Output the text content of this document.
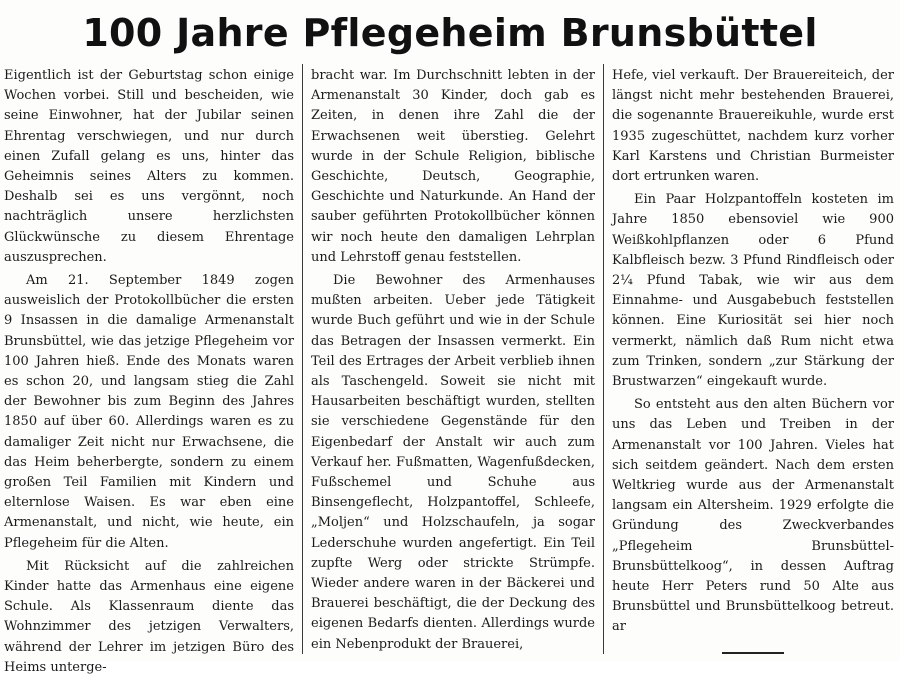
100 Jahre Pflegeheim Brunsbüttel

Eigentlich ist der Geburtstag schon einige Wochen vorbei. Still und bescheiden, wie seine Einwohner, hat der Jubilar seinen Ehrentag verschwiegen, und nur durch einen Zufall gelang es uns, hinter das Geheimnis seines Alters zu kommen. Deshalb sei es uns vergönnt, noch nachträglich unsere herzlichsten Glückwünsche zu diesem Ehrentage auszusprechen.

Am 21. September 1849 zogen ausweislich der Protokollbücher die ersten 9 Insassen in die damalige Armenanstalt Brunsbüttel, wie das jetzige Pflegeheim vor 100 Jahren hieß. Ende des Monats waren es schon 20, und langsam stieg die Zahl der Bewohner bis zum Beginn des Jahres 1850 auf über 60. Allerdings waren es zu damaliger Zeit nicht nur Erwachsene, die das Heim beherbergte, sondern zu einem großen Teil Familien mit Kindern und elternlose Waisen. Es war eben eine Armenanstalt, und nicht, wie heute, ein Pflegeheim für die Alten.

Mit Rücksicht auf die zahlreichen Kinder hatte das Armenhaus eine eigene Schule. Als Klassenraum diente das Wohnzimmer des jetzigen Verwalters, während der Lehrer im jetzigen Büro des Heims unterge-

bracht war. Im Durchschnitt lebten in der Armenanstalt 30 Kinder, doch gab es Zeiten, in denen ihre Zahl die der Erwachsenen weit überstieg. Gelehrt wurde in der Schule Religion, biblische Geschichte, Deutsch, Geographie, Geschichte und Naturkunde. An Hand der sauber geführten Protokollbücher können wir noch heute den damaligen Lehrplan und Lehrstoff genau feststellen.

Die Bewohner des Armenhauses mußten arbeiten. Ueber jede Tätigkeit wurde Buch geführt und wie in der Schule das Betragen der Insassen vermerkt. Ein Teil des Ertrages der Arbeit verblieb ihnen als Taschengeld. Soweit sie nicht mit Hausarbeiten beschäftigt wurden, stellten sie verschiedene Gegenstände für den Eigenbedarf der Anstalt wir auch zum Verkauf her. Fußmatten, Wagenfußdecken, Fußschemel und Schuhe aus Binsengeflecht, Holzpantoffel, Schleefe, „Moljen“ und Holzschaufeln, ja sogar Lederschuhe wurden angefertigt. Ein Teil zupfte Werg oder strickte Strümpfe. Wieder andere waren in der Bäckerei und Brauerei beschäftigt, die der Deckung des eigenen Bedarfs dienten. Allerdings wurde ein Nebenprodukt der Brauerei,

Hefe, viel verkauft. Der Brauereiteich, der längst nicht mehr bestehenden Brauerei, die sogenannte Brauereikuhle, wurde erst 1935 zugeschüttet, nachdem kurz vorher Karl Karstens und Christian Burmeister dort ertrunken waren.

Ein Paar Holzpantoffeln kosteten im Jahre 1850 ebensoviel wie 900 Weißkohlpflanzen oder 6 Pfund Kalbfleisch bezw. 3 Pfund Rindfleisch oder 2¼ Pfund Tabak, wie wir aus dem Einnahme- und Ausgabebuch feststellen können. Eine Kuriosität sei hier noch vermerkt, nämlich daß Rum nicht etwa zum Trinken, sondern „zur Stärkung der Brustwarzen“ eingekauft wurde.

So entsteht aus den alten Büchern vor uns das Leben und Treiben in der Armenanstalt vor 100 Jahren. Vieles hat sich seitdem geändert. Nach dem ersten Weltkrieg wurde aus der Armenanstalt langsam ein Altersheim. 1929 erfolgte die Gründung des Zweckverbandes „Pflegeheim Brunsbüttel-Brunsbüttelkoog“, in dessen Auftrag heute Herr Peters rund 50 Alte aus Brunsbüttel und Brunsbüttelkoog betreut. ar
